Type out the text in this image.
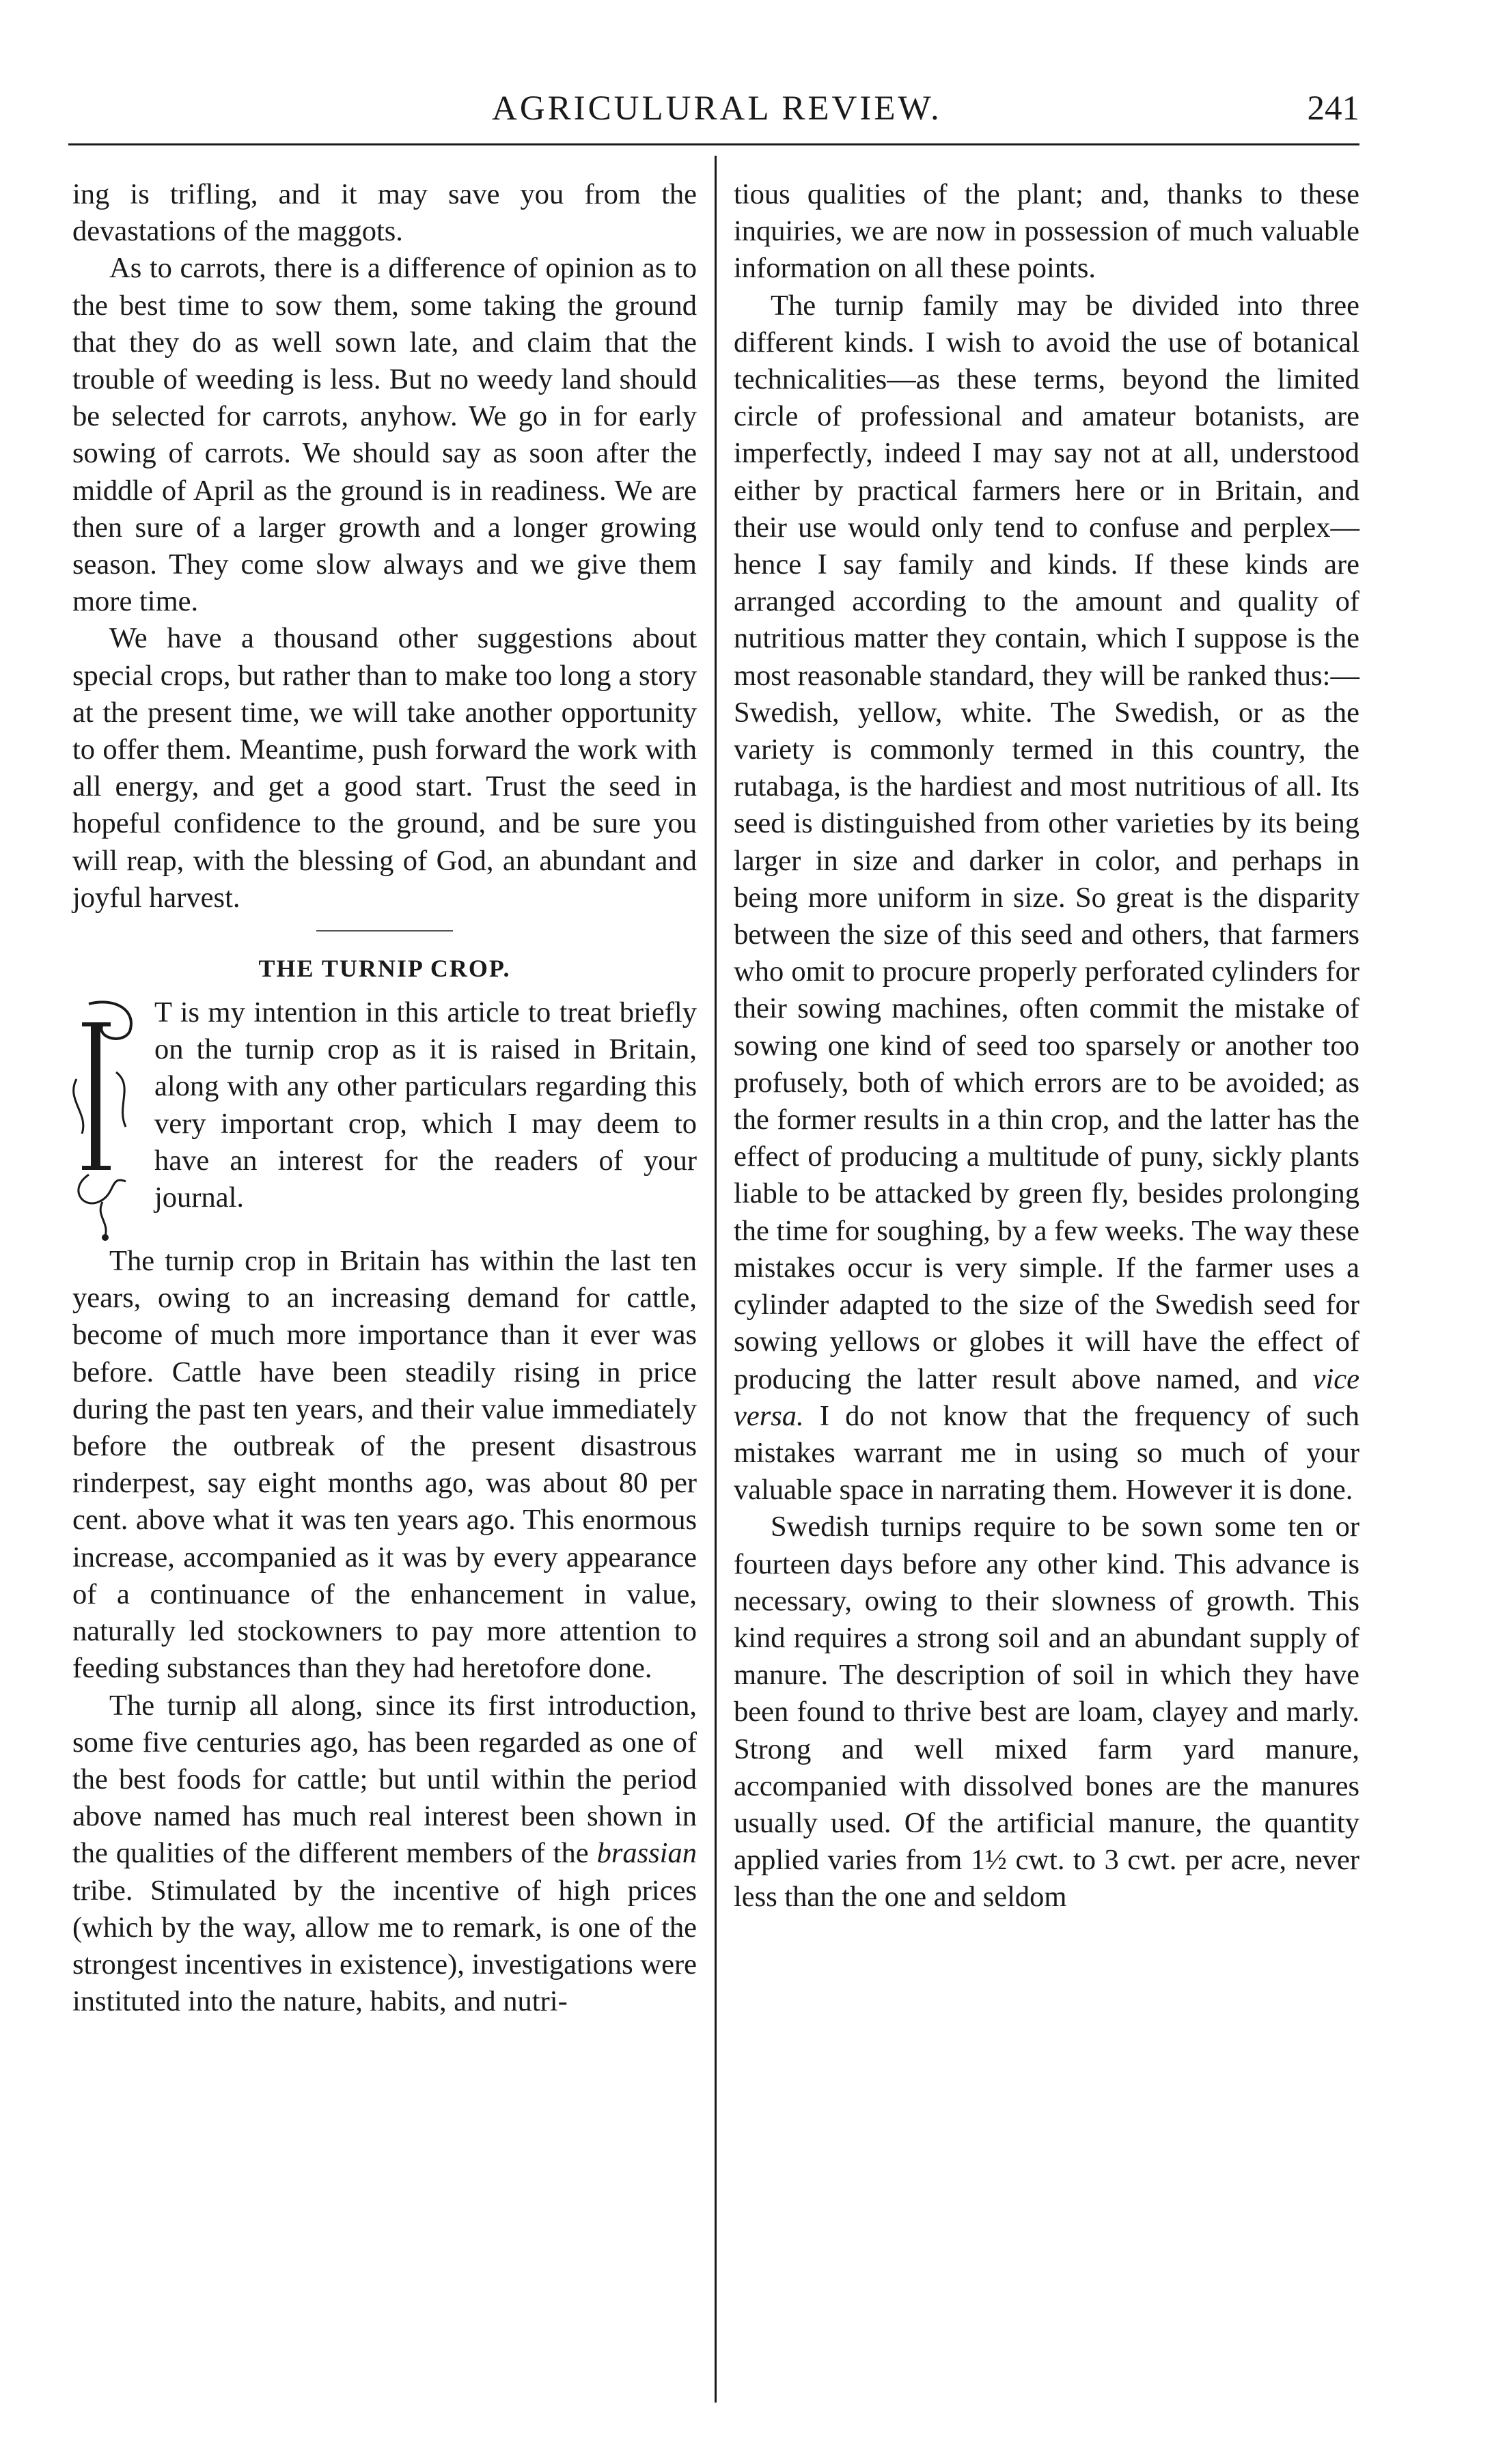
AGRICULURAL REVIEW.	241

ing is trifling, and it may save you from the devastations of the maggots.

As to carrots, there is a difference of opinion as to the best time to sow them, some taking the ground that they do as well sown late, and claim that the trouble of weeding is less. But no weedy land should be selected for carrots, anyhow. We go in for early sowing of carrots. We should say as soon after the middle of April as the ground is in readiness. We are then sure of a larger growth and a longer growing season. They come slow always and we give them more time.

We have a thousand other suggestions about special crops, but rather than to make too long a story at the present time, we will take another opportunity to offer them. Meantime, push forward the work with all energy, and get a good start. Trust the seed in hopeful confidence to the ground, and be sure you will reap, with the blessing of God, an abundant and joyful harvest.

THE TURNIP CROP.

T is my intention in this article to treat briefly on the turnip crop as it is raised in Britain, along with any other particulars regarding this very important crop, which I may deem to have an interest for the readers of your journal.

The turnip crop in Britain has within the last ten years, owing to an increasing demand for cattle, become of much more importance than it ever was before. Cattle have been steadily rising in price during the past ten years, and their value immediately before the outbreak of the present disastrous rinderpest, say eight months ago, was about 80 per cent. above what it was ten years ago. This enormous increase, accompanied as it was by every appearance of a continuance of the enhancement in value, naturally led stockowners to pay more attention to feeding substances than they had heretofore done.

The turnip all along, since its first introduction, some five centuries ago, has been regarded as one of the best foods for cattle; but until within the period above named has much real interest been shown in the qualities of the different members of the brassian tribe. Stimulated by the incentive of high prices (which by the way, allow me to remark, is one of the strongest incentives in existence), investigations were instituted into the nature, habits, and nutri-

tious qualities of the plant; and, thanks to these inquiries, we are now in possession of much valuable information on all these points.

The turnip family may be divided into three different kinds. I wish to avoid the use of botanical technicalities—as these terms, beyond the limited circle of professional and amateur botanists, are imperfectly, indeed I may say not at all, understood either by practical farmers here or in Britain, and their use would only tend to confuse and perplex—hence I say family and kinds. If these kinds are arranged according to the amount and quality of nutritious matter they contain, which I suppose is the most reasonable standard, they will be ranked thus:—Swedish, yellow, white. The Swedish, or as the variety is commonly termed in this country, the rutabaga, is the hardiest and most nutritious of all. Its seed is distinguished from other varieties by its being larger in size and darker in color, and perhaps in being more uniform in size. So great is the disparity between the size of this seed and others, that farmers who omit to procure properly perforated cylinders for their sowing machines, often commit the mistake of sowing one kind of seed too sparsely or another too profusely, both of which errors are to be avoided; as the former results in a thin crop, and the latter has the effect of producing a multitude of puny, sickly plants liable to be attacked by green fly, besides prolonging the time for soughing, by a few weeks. The way these mistakes occur is very simple. If the farmer uses a cylinder adapted to the size of the Swedish seed for sowing yellows or globes it will have the effect of producing the latter result above named, and vice versa. I do not know that the frequency of such mistakes warrant me in using so much of your valuable space in narrating them. However it is done.

Swedish turnips require to be sown some ten or fourteen days before any other kind. This advance is necessary, owing to their slowness of growth. This kind requires a strong soil and an abundant supply of manure. The description of soil in which they have been found to thrive best are loam, clayey and marly. Strong and well mixed farm yard manure, accompanied with dissolved bones are the manures usually used. Of the artificial manure, the quantity applied varies from 1½ cwt. to 3 cwt. per acre, never less than the one and seldom
